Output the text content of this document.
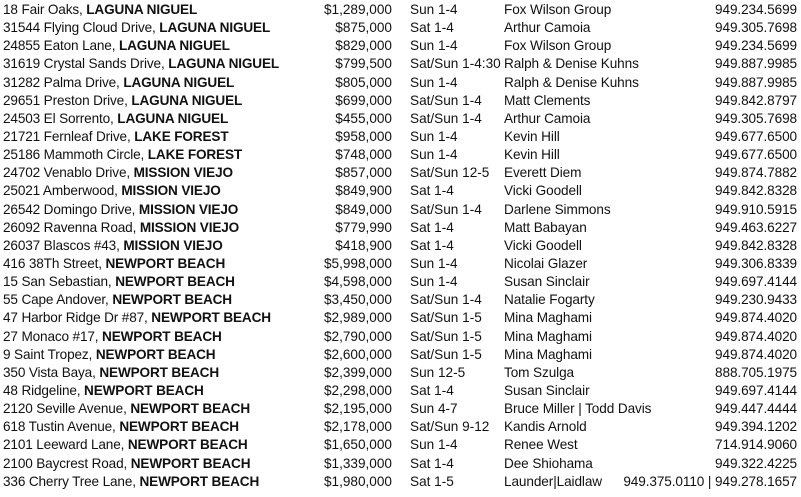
18 Fair Oaks, LAGUNA NIGUEL	$1,289,000 Sun 1-4	Fox Wilson Group	949.234.5699
31544 Flying Cloud Drive, LAGUNA NIGUEL	$875,000 Sat 1-4	Arthur Camoia	949.305.7698
24855 Eaton Lane, LAGUNA NIGUEL	$829,000 Sun 1-4	Fox Wilson Group	949.234.5699
31619 Crystal Sands Drive, LAGUNA NIGUEL	$799,500 Sat/Sun 1-4:30 Ralph & Denise Kuhns	949.887.9985
31282 Palma Drive, LAGUNA NIGUEL	$805,000 Sun 1-4	Ralph & Denise Kuhns	949.887.9985
29651 Preston Drive, LAGUNA NIGUEL	$699,000 Sat/Sun 1-4 Matt Clements	949.842.8797
24503 El Sorrento, LAGUNA NIGUEL	$455,000 Sat/Sun 1-4 Arthur Camoia	949.305.7698
21721 Fernleaf Drive, LAKE FOREST	$958,000 Sun 1-4	Kevin Hill	949.677.6500
25186 Mammoth Circle, LAKE FOREST	$748,000 Sun 1-4	Kevin Hill	949.677.6500
24702 Venablo Drive, MISSION VIEJO	$857,000 Sat/Sun 12-5 Everett Diem	949.874.7882
25021 Amberwood, MISSION VIEJO	$849,900 Sat 1-4	Vicki Goodell	949.842.8328
26542 Domingo Drive, MISSION VIEJO	$849,000 Sat/Sun 1-4 Darlene Simmons	949.910.5915
26092 Ravenna Road, MISSION VIEJO	$779,990 Sat 1-4	Matt Babayan	949.463.6227
26037 Blascos #43, MISSION VIEJO	$418,900 Sat 1-4	Vicki Goodell	949.842.8328
416 38Th Street, NEWPORT BEACH	$5,998,000 Sun 1-4	Nicolai Glazer	949.306.8339
15 San Sebastian, NEWPORT BEACH	$4,598,000 Sun 1-4	Susan Sinclair	949.697.4144
55 Cape Andover, NEWPORT BEACH	$3,450,000 Sat/Sun 1-4 Natalie Fogarty	949.230.9433
47 Harbor Ridge Dr #87, NEWPORT BEACH	$2,989,000 Sat/Sun 1-5 Mina Maghami	949.874.4020
27 Monaco #17, NEWPORT BEACH	$2,790,000 Sat/Sun 1-5 Mina Maghami	949.874.4020
9 Saint Tropez, NEWPORT BEACH	$2,600,000 Sat/Sun 1-5 Mina Maghami	949.874.4020
350 Vista Baya, NEWPORT BEACH	$2,399,000 Sun 12-5	Tom Szulga	888.705.1975
48 Ridgeline, NEWPORT BEACH	$2,298,000 Sat 1-4	Susan Sinclair	949.697.4144
2120 Seville Avenue, NEWPORT BEACH	$2,195,000 Sun 4-7	Bruce Miller | Todd Davis	949.447.4444
618 Tustin Avenue, NEWPORT BEACH	$2,178,000 Sat/Sun 9-12 Kandis Arnold	949.394.1202
2101 Leeward Lane, NEWPORT BEACH	$1,650,000 Sun 1-4	Renee West	714.914.9060
2100 Baycrest Road, NEWPORT BEACH	$1,339,000 Sat 1-4	Dee Shiohama	949.322.4225
336 Cherry Tree Lane, NEWPORT BEACH	$1,980,000 Sat 1-5	Launder|Laidlaw 949.375.0110 | 949.278.1657
